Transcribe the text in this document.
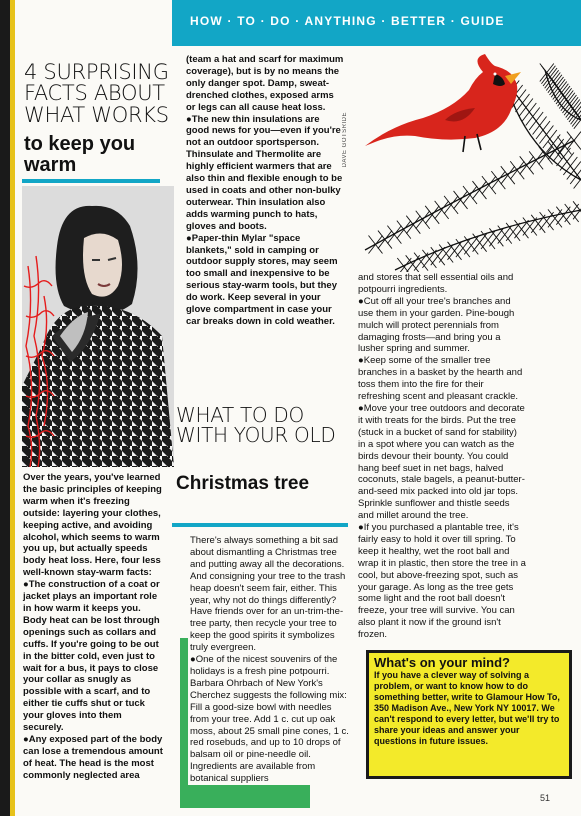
HOW · TO · DO · ANYTHING · BETTER · GUIDE
4 SURPRISING FACTS ABOUT WHAT WORKS
to keep you warm

Over the years, you've learned the basic principles of keeping warm when it's freezing outside: layering your clothes, keeping active, and avoiding alcohol, which seems to warm you up, but actually speeds body heat loss. Here, four less well-known stay-warm facts:

● The construction of a coat or jacket plays an important role in how warm it keeps you. Body heat can be lost through openings such as collars and cuffs. If you're going to be out in the bitter cold, even just to wait for a bus, it pays to close your collar as snugly as possible with a scarf, and to either tie cuffs shut or tuck your gloves into them securely.

● Any exposed part of the body can lose a tremendous amount of heat. The head is the most commonly neglected area

(team a hat and scarf for maximum coverage), but is by no means the only danger spot. Damp, sweat-drenched clothes, exposed arms or legs can all cause heat loss.

● The new thin insulations are good news for you—even if you're not an outdoor sportsperson. Thinsulate and Thermolite are highly efficient warmers that are also thin and flexible enough to be used in coats and other non-bulky outerwear. Thin insulation also adds warming punch to hats, gloves and boots.

● Paper-thin Mylar "space blankets," sold in camping or outdoor supply stores, may seem too small and inexpensive to be serious stay-warm tools, but they do work. Keep several in your glove compartment in case your car breaks down in cold weather.

DAVE GOTSRIDE
WHAT TO DO WITH YOUR OLD
Christmas tree

There's always something a bit sad about dismantling a Christmas tree and putting away all the decorations. And consigning your tree to the trash heap doesn't seem fair, either. This year, why not do things differently? Have friends over for an un-trim-the-tree party, then recycle your tree to keep the good spirits it symbolizes truly evergreen.

● One of the nicest souvenirs of the holidays is a fresh pine potpourri. Barbara Ohrbach of New York's Cherchez suggests the following mix: Fill a good-size bowl with needles from your tree. Add 1 c. cut up oak moss, about 25 small pine cones, 1 c. red rosebuds, and up to 10 drops of balsam oil or pine-needle oil. Ingredients are available from botanical suppliers

and stores that sell essential oils and potpourri ingredients.

● Cut off all your tree's branches and use them in your garden. Pine-bough mulch will protect perennials from damaging frosts—and bring you a lusher spring and summer.

● Keep some of the smaller tree branches in a basket by the hearth and toss them into the fire for their refreshing scent and pleasant crackle.

● Move your tree outdoors and decorate it with treats for the birds. Put the tree (stuck in a bucket of sand for stability) in a spot where you can watch as the birds devour their bounty. You could hang beef suet in net bags, halved coconuts, stale bagels, a peanut-butter-and-seed mix packed into old jar tops. Sprinkle sunflower and thistle seeds and millet around the tree.

● If you purchased a plantable tree, it's fairly easy to hold it over till spring. To keep it healthy, wet the root ball and wrap it in plastic, then store the tree in a cool, but above-freezing spot, such as your garage. As long as the tree gets some light and the root ball doesn't freeze, your tree will survive. You can also plant it now if the ground isn't frozen.

What's on your mind?
If you have a clever way of solving a problem, or want to know how to do something better, write to Glamour How To, 350 Madison Ave., New York NY 10017. We can't respond to every letter, but we'll try to share your ideas and answer your questions in future issues.
51
